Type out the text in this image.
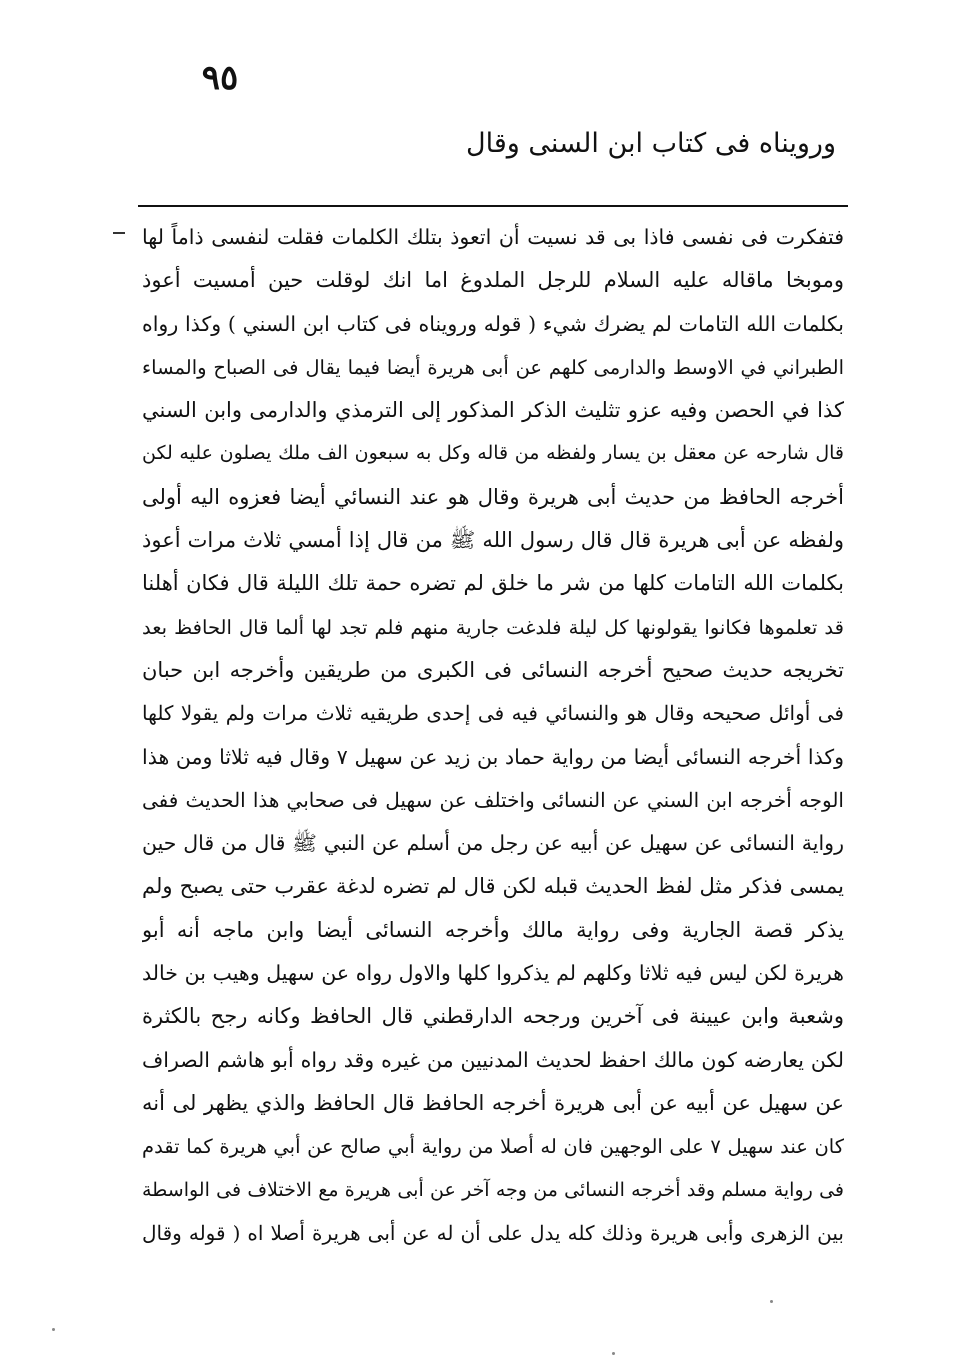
٩٥
ورويناه فى كتاب ابن السنى وقال
فتفكرت فى نفسى فاذا بى قد نسيت أن اتعوذ بتلك الكلمات فقلت لنفسى ذاماً لها
وموبخا ماقاله عليه السلام للرجل الملدوغ اما انك لوقلت حين أمسيت أعوذ
بكلمات الله التامات لم يضرك شيء ( قوله ورويناه فى كتاب ابن السني ) وكذا رواه
الطبراني في الاوسط والدارمى كلهم عن أبى هريرة أيضا فيما يقال فى الصباح والمساء
كذا في الحصن وفيه عزو تثليث الذكر المذكور إلى الترمذي والدارمى وابن السني
قال شارحه عن معقل بن يسار ولفظه من قاله وكل به سبعون الف ملك يصلون عليه لكن
أخرجه الحافظ من حديث أبى هريرة وقال هو عند النسائي أيضا فعزوه اليه أولى
ولفظه عن أبى هريرة قال قال رسول الله ﷺ من قال إذا أمسي ثلاث مرات أعوذ
بكلمات الله التامات كلها من شر ما خلق لم تضره حمة تلك الليلة قال فكان أهلنا
قد تعلموها فكانوا يقولونها كل ليلة فلدغت جارية منهم فلم تجد لها ألما قال الحافظ بعد
تخريجه حديث صحيح أخرجه النسائى فى الكبرى من طريقين وأخرجه ابن حبان
فى أوائل صحيحه وقال هو والنسائي فيه فى إحدى طريقيه ثلاث مرات ولم يقولا كلها
وكذا أخرجه النسائى أيضا من رواية حماد بن زيد عن سهيل ٧ وقال فيه ثلاثا ومن هذا
الوجه أخرجه ابن السني عن النسائى واختلف عن سهيل فى صحابي هذا الحديث ففى
رواية النسائى عن سهيل عن أبيه عن رجل من أسلم عن النبي ﷺ قال من قال حين
يمسى فذكر مثل لفظ الحديث قبله لكن قال لم تضره لدغة عقرب حتى يصبح ولم
يذكر قصة الجارية وفى رواية مالك وأخرجه النسائى أيضا وابن ماجه أنه أبو
هريرة لكن ليس فيه ثلاثا وكلهم لم يذكروا كلها والاول رواه عن سهيل وهيب بن خالد
وشعبة وابن عيينة فى آخرين ورجحه الدارقطني قال الحافظ وكانه رجح بالكثرة
لكن يعارضه كون مالك احفظ لحديث المدنيين من غيره وقد رواه أبو هاشم الصراف
عن سهيل عن أبيه عن أبى هريرة أخرجه الحافظ قال الحافظ والذي يظهر لى أنه
كان عند سهيل ٧ على الوجهين فان له أصلا من رواية أبي صالح عن أبي هريرة كما تقدم
فى رواية مسلم وقد أخرجه النسائى من وجه آخر عن أبى هريرة مع الاختلاف فى الواسطة
بين الزهرى وأبى هريرة وذلك كله يدل على أن له عن أبى هريرة أصلا اه ( قوله وقال
